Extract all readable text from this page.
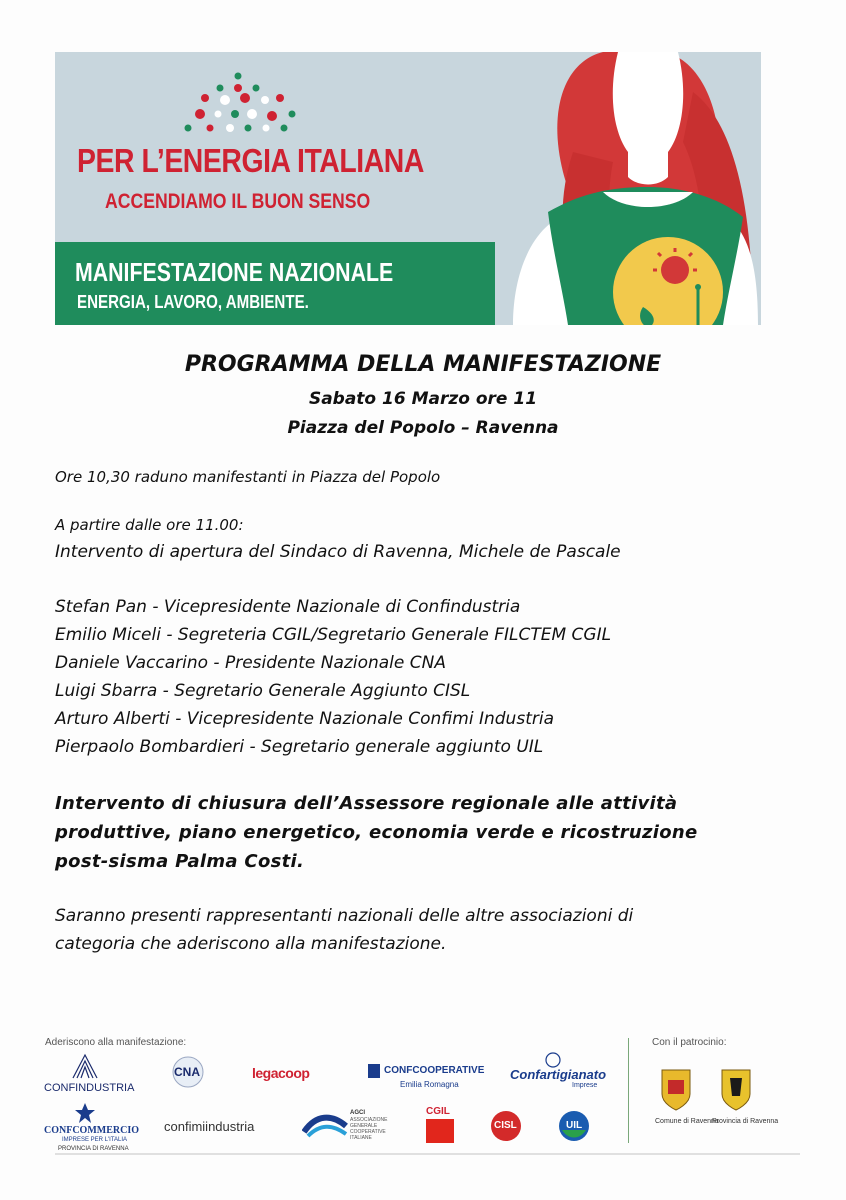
PER L’ENERGIA ITALIANA
ACCENDIAMO IL BUON SENSO
MANIFESTAZIONE NAZIONALE
ENERGIA, LAVORO, AMBIENTE.
PROGRAMMA DELLA MANIFESTAZIONE
Sabato 16 Marzo ore 11
Piazza del Popolo – Ravenna
Ore 10,30 raduno manifestanti in Piazza del Popolo
A partire dalle ore 11.00:
Intervento di apertura del Sindaco di Ravenna, Michele de Pascale
Stefan Pan - Vicepresidente Nazionale di Confindustria
Emilio Miceli - Segreteria CGIL/Segretario Generale FILCTEM CGIL
Daniele Vaccarino - Presidente Nazionale CNA
Luigi Sbarra - Segretario Generale Aggiunto CISL
Arturo Alberti - Vicepresidente Nazionale Confimi Industria
Pierpaolo Bombardieri - Segretario generale aggiunto UIL
Intervento di chiusura dell’Assessore regionale alle attività
produttive, piano energetico, economia verde e ricostruzione
post-sisma Palma Costi.
Saranno presenti rappresentanti nazionali delle altre associazioni di
categoria che aderiscono alla manifestazione.
Aderiscono alla manifestazione:	Con il patrocinio:
CONFINDUSTRIA
CNA	legacoop	CONFCOOPERATIVE
Emilia Romagna
Confartigianato
Imprese
CONFCOMMERCIO
IMPRESE PER L'ITALIA
PROVINCIA DI RAVENNA
confimiindustria
AGCI
ASSOCIAZIONE
GENERALE
COOPERATIVE
ITALIANE
CGIL
CISL	UIL	Comune di Ravenna
Provincia di Ravenna
